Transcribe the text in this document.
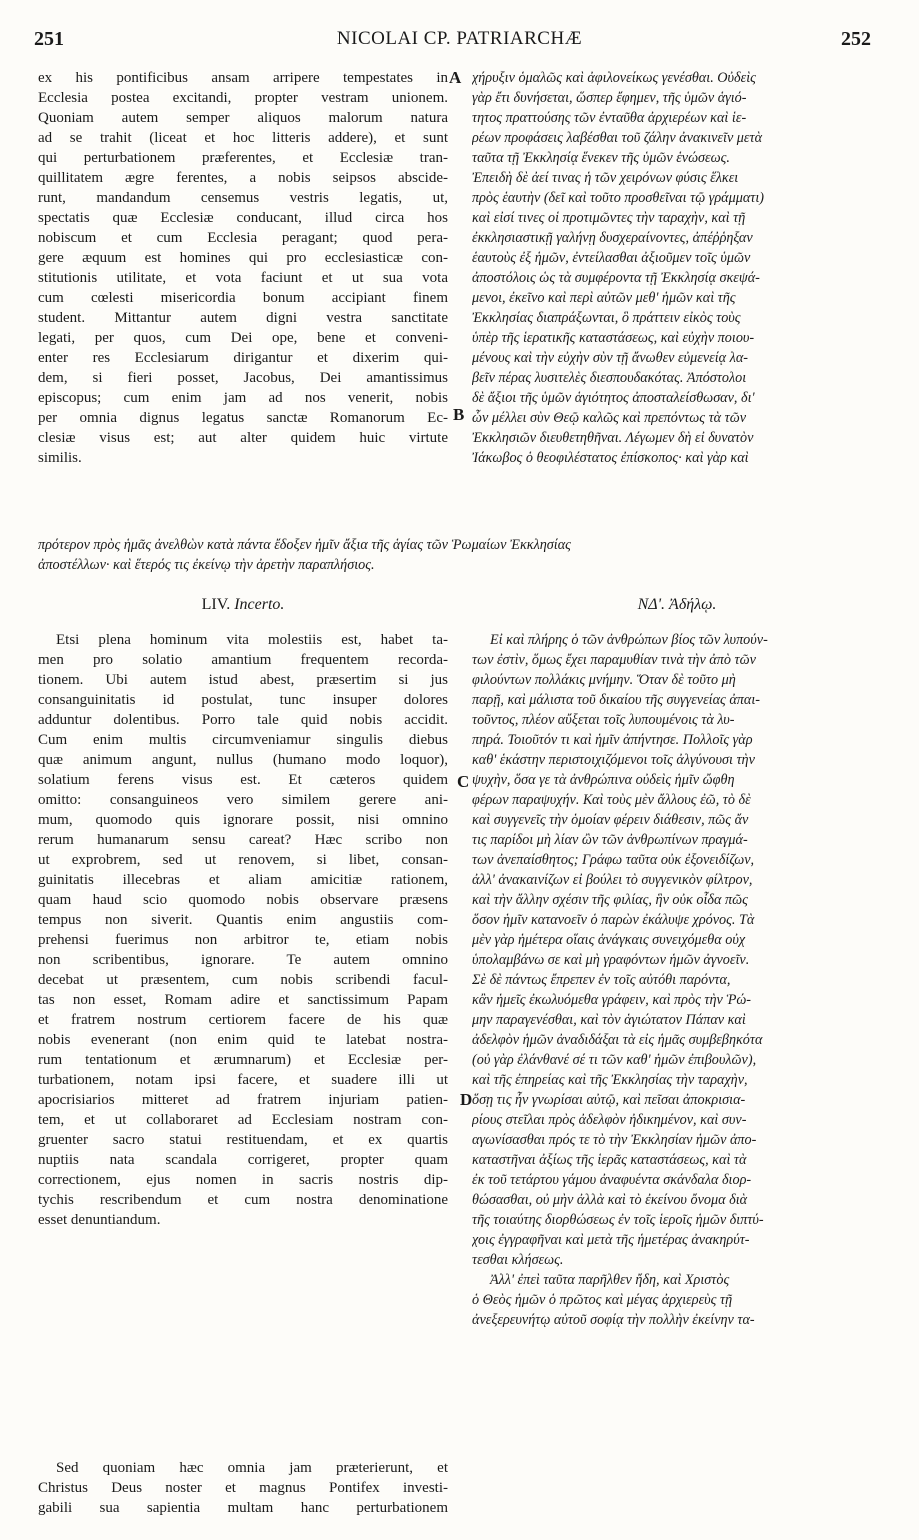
251	NICOLAI CP. PATRIARCHÆ	252
A
B
C
D
ex his pontificibus ansam arripere tempestates in
Ecclesia postea excitandi, propter vestram unionem.
Quoniam autem semper aliquos malorum natura
ad se trahit (liceat et hoc litteris addere), et sunt
qui perturbationem præferentes, et Ecclesiæ tran-
quillitatem ægre ferentes, a nobis seipsos abscide-
runt, mandandum censemus vestris legatis, ut,
spectatis quæ Ecclesiæ conducant, illud circa hos
nobiscum et cum Ecclesia peragant; quod pera-
gere æquum est homines qui pro ecclesiasticæ con-
stitutionis utilitate, et vota faciunt et ut sua vota
cum cœlesti misericordia bonum accipiant finem
student. Mittantur autem digni vestra sanctitate
legati, per quos, cum Dei ope, bene et conveni-
enter res Ecclesiarum dirigantur et dixerim qui-
dem, si fieri posset, Jacobus, Dei amantissimus
episcopus; cum enim jam ad nos venerit, nobis
per omnia dignus legatus sanctæ Romanorum Ec-
clesiæ visus est; aut alter quidem huic virtute
similis.
χήρυξιν ὁμαλῶς καὶ ἀφιλονείκως γενέσθαι. Οὐδεὶς
γὰρ ἔτι δυνήσεται, ὥσπερ ἔφημεν, τῆς ὑμῶν ἁγιό-
τητος πραττούσης τῶν ἐνταῦθα ἀρχιερέων καὶ ἱε-
ρέων προφάσεις λαβέσθαι τοῦ ζάλην ἀνακινεῖν μετὰ
ταῦτα τῇ Ἐκκλησίᾳ ἕνεκεν τῆς ὑμῶν ἑνώσεως.
Ἐπειδὴ δὲ ἀεί τινας ἡ τῶν χειρόνων φύσις ἕλκει
πρὸς ἑαυτὴν (δεῖ καὶ τοῦτο προσθεῖναι τῷ γράμματι)
καὶ εἰσί τινες οἱ προτιμῶντες τὴν ταραχὴν, καὶ τῇ
ἐκκλησιαστικῇ γαλήνῃ δυσχεραίνοντες, ἀπέῤῥηξαν
ἑαυτοὺς ἐξ ἡμῶν, ἐντείλασθαι ἀξιοῦμεν τοῖς ὑμῶν
ἀποστόλοις ὡς τὰ συμφέροντα τῇ Ἐκκλησίᾳ σκεψά-
μενοι, ἐκεῖνο καὶ περὶ αὐτῶν μεθ' ἡμῶν καὶ τῆς
Ἐκκλησίας διαπράξωνται, ὃ πράττειν εἰκὸς τοὺς
ὑπὲρ τῆς ἱερατικῆς καταστάσεως, καὶ εὐχὴν ποιου-
μένους καὶ τὴν εὐχὴν σὺν τῇ ἄνωθεν εὐμενείᾳ λα-
βεῖν πέρας λυσιτελὲς διεσπουδακότας. Ἀπόστολοι
δὲ ἄξιοι τῆς ὑμῶν ἁγιότητος ἀποσταλείσθωσαν, δι'
ὧν μέλλει σὺν Θεῷ καλῶς καὶ πρεπόντως τὰ τῶν
Ἐκκλησιῶν διευθετηθῆναι. Λέγωμεν δὴ εἰ δυνατὸν
Ἰάκωβος ὁ θεοφιλέστατος ἐπίσκοπος· καὶ γὰρ καὶ
πρότερον πρὸς ἡμᾶς ἀνελθὼν κατὰ πάντα ἔδοξεν ἡμῖν ἄξια τῆς ἁγίας τῶν Ῥωμαίων Ἐκκλησίας
ἀποστέλλων· καὶ ἕτερός τις ἐκείνῳ τὴν ἀρετὴν παραπλήσιος.
LIV. Incerto.	ΝΔ'. Ἀδήλῳ.
Etsi plena hominum vita molestiis est, habet ta-
men pro solatio amantium frequentem recorda-
tionem. Ubi autem istud abest, præsertim si jus
consanguinitatis id postulat, tunc insuper dolores
adduntur dolentibus. Porro tale quid nobis accidit.
Cum enim multis circumveniamur singulis diebus
quæ animum angunt, nullus (humano modo loquor),
solatium ferens visus est. Et cæteros quidem
omitto: consanguineos vero similem gerere ani-
mum, quomodo quis ignorare possit, nisi omnino
rerum humanarum sensu careat? Hæc scribo non
ut exprobrem, sed ut renovem, si libet, consan-
guinitatis illecebras et aliam amicitiæ rationem,
quam haud scio quomodo nobis observare præsens
tempus non siverit. Quantis enim angustiis com-
prehensi fuerimus non arbitror te, etiam nobis
non scribentibus, ignorare. Te autem omnino
decebat ut præsentem, cum nobis scribendi facul-
tas non esset, Romam adire et sanctissimum Papam
et fratrem nostrum certiorem facere de his quæ
nobis evenerant (non enim quid te latebat nostra-
rum tentationum et ærumnarum) et Ecclesiæ per-
turbationem, notam ipsi facere, et suadere illi ut
apocrisiarios mitteret ad fratrem injuriam patien-
tem, et ut collaboraret ad Ecclesiam nostram con-
gruenter sacro statui restituendam, et ex quartis
nuptiis nata scandala corrigeret, propter quam
correctionem, ejus nomen in sacris nostris dip-
tychis rescribendum et cum nostra denominatione
esset denuntiandum.
Sed quoniam hæc omnia jam præterierunt, et
Christus Deus noster et magnus Pontifex investi-
gabili sua sapientia multam hanc perturbationem
Εἰ καὶ πλήρης ὁ τῶν ἀνθρώπων βίος τῶν λυπούν-
των ἐστὶν, ὅμως ἔχει παραμυθίαν τινὰ τὴν ἀπὸ τῶν
φιλούντων πολλάκις μνήμην. Ὅταν δὲ τοῦτο μὴ
παρῇ, καὶ μάλιστα τοῦ δικαίου τῆς συγγενείας ἀπαι-
τοῦντος, πλέον αὔξεται τοῖς λυπουμένοις τὰ λυ-
πηρά. Τοιοῦτόν τι καὶ ἡμῖν ἀπήντησε. Πολλοῖς γὰρ
καθ' ἑκάστην περιστοιχιζόμενοι τοῖς ἀλγύνουσι τὴν
ψυχὴν, ὅσα γε τὰ ἀνθρώπινα οὐδεὶς ἡμῖν ὤφθη
φέρων παραψυχήν. Καὶ τοὺς μὲν ἄλλους ἐῶ, τὸ δὲ
καὶ συγγενεῖς τὴν ὁμοίαν φέρειν διάθεσιν, πῶς ἄν
τις παρίδοι μὴ λίαν ὢν τῶν ἀνθρωπίνων πραγμά-
των ἀνεπαίσθητος; Γράφω ταῦτα οὐκ ἐξονειδίζων,
ἀλλ' ἀνακαινίζων εἰ βούλει τὸ συγγενικὸν φίλτρον,
καὶ τὴν ἄλλην σχέσιν τῆς φιλίας, ἣν οὐκ οἶδα πῶς
ὅσον ἡμῖν κατανοεῖν ὁ παρὼν ἐκάλυψε χρόνος. Τὰ
μὲν γὰρ ἡμέτερα οἵαις ἀνάγκαις συνειχόμεθα οὐχ
ὑπολαμβάνω σε καὶ μὴ γραφόντων ἡμῶν ἀγνοεῖν.
Σὲ δὲ πάντως ἔπρεπεν ἐν τοῖς αὐτόθι παρόντα,
κἂν ἡμεῖς ἐκωλυόμεθα γράφειν, καὶ πρὸς τὴν Ῥώ-
μην παραγενέσθαι, καὶ τὸν ἁγιώτατον Πάπαν καὶ
ἀδελφὸν ἡμῶν ἀναδιδάξαι τὰ εἰς ἡμᾶς συμβεβηκότα
(οὐ γὰρ ἐλάνθανέ σέ τι τῶν καθ' ἡμῶν ἐπιβουλῶν),
καὶ τῆς ἐπηρείας καὶ τῆς Ἐκκλησίας τὴν ταραχὴν,
ὅσῃ τις ἦν γνωρίσαι αὐτῷ, καὶ πεῖσαι ἀποκρισια-
ρίους στεῖλαι πρὸς ἀδελφὸν ἠδικημένον, καὶ συν-
αγωνίσασθαι πρός τε τὸ τὴν Ἐκκλησίαν ἡμῶν ἀπο-
καταστῆναι ἀξίως τῆς ἱερᾶς καταστάσεως, καὶ τὰ
ἐκ τοῦ τετάρτου γάμου ἀναφυέντα σκάνδαλα διορ-
θώσασθαι, οὐ μὴν ἀλλὰ καὶ τὸ ἐκείνου ὄνομα διὰ
τῆς τοιαύτης διορθώσεως ἐν τοῖς ἱεροῖς ἡμῶν διπτύ-
χοις ἐγγραφῆναι καὶ μετὰ τῆς ἡμετέρας ἀνακηρύτ-
τεσθαι κλήσεως.
Ἀλλ' ἐπεὶ ταῦτα παρῆλθεν ἤδη, καὶ Χριστὸς
ὁ Θεὸς ἡμῶν ὁ πρῶτος καὶ μέγας ἀρχιερεὺς τῇ
ἀνεξερευνήτῳ αὐτοῦ σοφίᾳ τὴν πολλὴν ἐκείνην τα-
